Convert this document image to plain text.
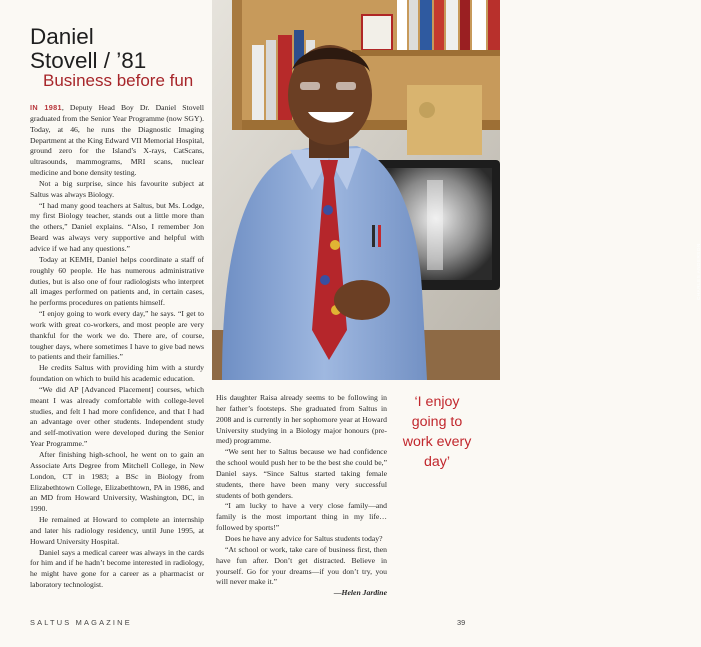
Daniel
Stovell / ’81
Business before fun

IN 1981, Deputy Head Boy Dr. Daniel Stovell graduated from the Senior Year Programme (now SGY). Today, at 46, he runs the Diagnostic Imaging Department at the King Edward VII Memorial Hospital, ground zero for the Island’s X-rays, CatScans, ultrasounds, mammograms, MRI scans, nuclear medicine and bone density testing.

Not a big surprise, since his favourite subject at Saltus was always Biology.

“I had many good teachers at Saltus, but Ms. Lodge, my first Biology teacher, stands out a little more than the others,” Daniel explains. “Also, I remember Jon Beard was always very supportive and helpful with advice if we had any questions.”

Today at KEMH, Daniel helps coordinate a staff of roughly 60 people. He has numerous administrative duties, but is also one of four radiologists who interpret all images performed on patients and, in certain cases, he performs procedures on patients himself.

“I enjoy going to work every day,” he says. “I get to work with great co-workers, and most people are very thankful for the work we do. There are, of course, tougher days, where sometimes I have to give bad news to patients and their families.”

He credits Saltus with providing him with a sturdy foundation on which to build his academic education.

“We did AP [Advanced Placement] courses, which meant I was already comfortable with college-level studies, and felt I had more confidence, and that I had an advantage over other students. Independent study and self-motivation were developed during the Senior Year Programme.”

After finishing high-school, he went on to gain an Associate Arts Degree from Mitchell College, in New London, CT in 1983; a BSc in Biology from Elizabethtown College, Elizabethtown, PA in 1986, and an MD from Howard University, Washington, DC, in 1990.

He remained at Howard to complete an internship and later his radiology residency, until June 1995, at Howard University Hospital.

Daniel says a medical career was always in the cards for him and if he hadn’t become interested in radiology, he might have gone for a career as a pharmacist or laboratory technologist.

His daughter Raisa already seems to be following in her father’s footsteps. She graduated from Saltus in 2008 and is currently in her sophomore year at Howard University studying in a Biology major honours (pre-med) programme.

“We sent her to Saltus because we had confidence the school would push her to be the best she could be,” Daniel says. “Since Saltus started taking female students, there have been many very successful students of both genders.

“I am lucky to have a very close family—and family is the most important thing in my life… followed by sports!”

Does he have any advice for Saltus students today?

“At school or work, take care of business first, then have fun after. Don’t get distracted. Believe in yourself. Go for your dreams—if you don’t try, you will never make it.”

—Helen Jardine
‘I enjoy going to work every day’
CHARLES ANDERSON
SALTUS MAGAZINE	39
